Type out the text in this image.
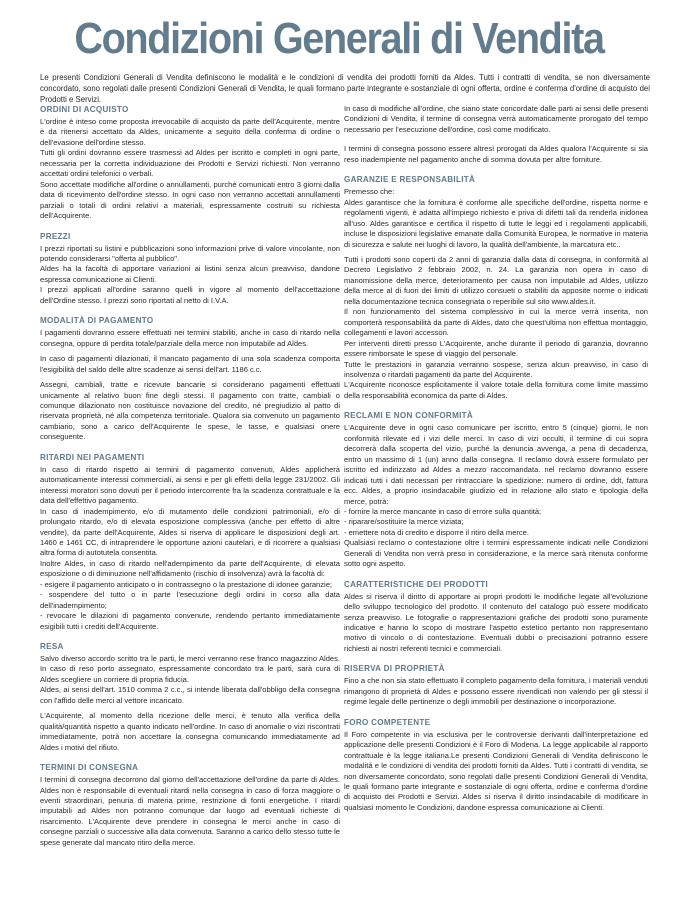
Condizioni Generali di Vendita
Le presenti Condizioni Generali di Vendita definiscono le modalità e le condizioni di vendita dei prodotti forniti da Aldes. Tutti i contratti di vendita, se non diversamente concordato, sono regolati dalle presenti Condizioni Generali di Vendita, le quali formano parte integrante e sostanziale di ogni offerta, ordine e conferma d'ordine di acquisto dei Prodotti e Servizi.
ORDINI DI ACQUISTO

L'ordine è inteso come proposta irrevocabile di acquisto da parte dell'Acquirente, mentre è da ritenersi accettato da Aldes, unicamente a seguito della conferma di ordine o dell'evasione dell'ordine stesso.

Tutti gli ordini dovranno essere trasmessi ad Aldes per iscritto e completi in ogni parte, necessaria per la corretta individuazione dei Prodotti e Servizi richiesti. Non verranno accettati ordini telefonici o verbali.

Sono accettate modifiche all'ordine o annullamenti, purché comunicati entro 3 giorni dalla data di ricevimento dell'ordine stesso. In ogni caso non verranno accettati annullamenti parziali o totali di ordini relativi a materiali, espressamente costruiti su richiesta dell'Acquirente.

PREZZI

I prezzi riportati su listini e pubblicazioni sono informazioni prive di valore vincolante, non potendo considerarsi "offerta al pubblico".

Aldes ha la facoltà di apportare variazioni ai listini senza alcun preavviso, dandone espressa comunicazione ai Clienti.

I prezzi applicati all'ordine saranno quelli in vigore al momento dell'accettazione dell'Ordine stesso. I prezzi sono riportati al netto di I.V.A.

MODALITÀ DI PAGAMENTO

I pagamenti dovranno essere effettuati nei termini stabiliti, anche in caso di ritardo nella consegna, oppure di perdita totale/parziale della merce non imputabile ad Aldes.

In caso di pagamenti dilazionati, il mancato pagamento di una sola scadenza comporta l'esigibilità del saldo delle altre scadenze ai sensi dell'art. 1186 c.c.

Assegni, cambiali, tratte e ricevute bancarie si considerano pagamenti effettuati unicamente al relativo buon fine degli stessi. Il pagamento con tratte, cambiali o comunque dilazionato non costituisce novazione del credito, né pregiudizio al patto di riservata proprietà, né alla competenza territoriale. Qualora sia convenuto un pagamento cambiario, sono a carico dell'Acquirente le spese, le tasse, e qualsiasi onere conseguente.

RITARDI NEI PAGAMENTI

In caso di ritardo rispetto ai termini di pagamento convenuti, Aldes applicherà automaticamente interessi commerciali, ai sensi e per gli effetti della legge 231/2002. Gli interessi moratori sono dovuti per il periodo intercorrente fra la scadenza contrattuale e la data dell'effettivo pagamento.

In caso di inadempimento, e/o di mutamento delle condizioni patrimoniali, e/o di prolungato ritardo, e/o di elevata esposizione complessiva (anche per effetto di altre vendite), da parte dell'Acquirente, Aldes si riserva di applicare le disposizioni degli art. 1460 e 1461 CC, di intraprendere le opportune azioni cautelari, e di ricorrere a qualsiasi altra forma di autotutela consentita.

Inoltre Aldes, in caso di ritardo nell'adempimento da parte dell'Acquirente, di elevata esposizione o di diminuzione nell'affidamento (rischio di insolvenza) avrà la facoltà di:

- esigere il pagamento anticipato o in contrassegno o la prestazione di idonee garanzie;

- sospendere del tutto o in parte l'esecuzione degli ordini in corso alla data dell'inadempimento;

- revocare le dilazioni di pagamento convenute, rendendo pertanto immediatamente esigibili tutti i crediti dell'Acquirente.

RESA

Salvo diverso accordo scritto tra le parti, le merci verranno rese franco magazzino Aldes. In caso di reso porto assegnato, espressamente concordato tra le parti, sarà cura di Aldes scegliere un corriere di propria fiducia.

Aldes, ai sensi dell'art. 1510 comma 2 c.c., si intende liberata dall'obbligo della consegna con l'affido delle merci al vettore incaricato.

L'Acquirente, al momento della ricezione delle merci, è tenuto alla verifica della qualità/quantità rispetto a quanto indicato nell'ordine. In caso di anomalie o vizi riscontrati immediatamente, potrà non accettare la consegna comunicando immediatamente ad Aldes i motivi del rifiuto.

TERMINI DI CONSEGNA

I termini di consegna decorrono dal giorno dell'accettazione dell'ordine da parte di Aldes. Aldes non è responsabile di eventuali ritardi nella consegna in caso di forza maggiore o eventi straordinari, penuria di materia prime, restrizione di fonti energetiche. I ritardi imputabili ad Aldes non potranno comunque dar luogo ad eventuali richieste di risarcimento. L'Acquirente deve prendere in consegna le merci anche in caso di consegne parziali o successive alla data convenuta. Saranno a carico dello stesso tutte le spese generate dal mancato ritiro della merce.

In caso di modifiche all'ordine, che siano state concordate dalle parti ai sensi delle presenti Condizioni di Vendita, il termine di consegna verrà automaticamente prorogato del tempo necessario per l'esecuzione dell'ordine, così come modificato.

I termini di consegna possono essere altresì prorogati da Aldes qualora l'Acquirente si sia reso inadempiente nel pagamento anche di somma dovuta per altre forniture.

GARANZIE E RESPONSABILITÀ

Premesso che:

Aldes garantisce che la fornitura è conforme alle specifiche dell'ordine, rispetta norme e regolamenti vigenti, è adatta all'impiego richiesto e priva di difetti tali da renderla inidonea all'uso. Aldes garantisce e certifica il rispetto di tutte le leggi ed i regolamenti applicabili, incluse le disposizioni legislative emanate dalla Comunità Europea, le normative in materia di sicurezza e salute nei luoghi di lavoro, la qualità dell'ambiente, la marcatura etc..

Tutti i prodotti sono coperti da 2 anni di garanzia dalla data di consegna, in conformità al Decreto Legislativo 2 febbraio 2002, n. 24. La garanzia non opera in caso di manomissione della merce, deterioramento per causa non imputabile ad Aldes, utilizzo della merce al di fuori dei limiti di utilizzo consueti o stabiliti da apposite norme o indicati nella documentazione tecnica consegnata o reperibile sul sito www.aldes.it.

Il non funzionamento del sistema complessivo in cui la merce verrà inserita, non comporterà responsabilità da parte di Aldes, dato che quest'ultima non effettua montaggio, collegamenti e lavori accessori.

Per interventi diretti presso L'Acquirente, anche durante il periodo di garanzia, dovranno essere rimborsate le spese di viaggio del personale.

Tutte le prestazioni in garanzia verranno sospese, senza alcun preavviso, in caso di insolvenza o ritardati pagamenti da parte del Acquirente.

L'Acquirente riconosce esplicitamente il valore totale della fornitura come limite massimo della responsabilità economica da parte di Aldes.

RECLAMI E NON CONFORMITÀ

L'Acquirente deve in ogni caso comunicare per iscritto, entro 5 (cinque) giorni, le non conformità rilevate ed i vizi delle merci. In caso di vizi occulti, il termine di cui sopra decorrerà dalla scoperta del vizio, purché la denuncia avvenga, a pena di decadenza, entro un massimo di 1 (un) anno dalla consegna. Il reclamo dovrà essere formulato per iscritto ed indirizzato ad Aldes a mezzo raccomandata. nel reclamo dovranno essere indicati tutti i dati necessari per rintracciare la spedizione: numero di ordine, ddt, fattura ecc. Aldes, a proprio insindacabile giudizio ed in relazione allo stato e tipologia della merce, potrà:

- fornire la merce mancante in caso di errore sulla quantità;

- riparare/sostituire la merce viziata;

- emettere nota di credito e disporre il ritiro della merce.

Qualsiasi reclamo o contestazione oltre i termini espressamente indicati nelle Condizioni Generali di Vendita non verrà preso in considerazione, e la merce sarà ritenuta conforme sotto ogni aspetto.

CARATTERISTICHE DEI PRODOTTI

Aldes si riserva il diritto di apportare ai propri prodotti le modifiche legate all'evoluzione dello sviluppo tecnologico del prodotto. Il contenuto del catalogo può essere modificato senza preavviso. Le fotografie o rappresentazioni grafiche dei prodotti sono puramente indicative e hanno lo scopo di mostrare l'aspetto estetico pertanto non rappresentano motivo di vincolo o di contestazione. Eventuali dubbi o precisazioni potranno essere richiesti ai nostri referenti tecnici e commerciali.

RISERVA DI PROPRIETÀ

Fino a che non sia stato effettuato il completo pagamento della fornitura, i materiali venduti rimangono di proprietà di Aldes e possono essere rivendicati non valendo per gli stessi il regime legale delle pertinenze o degli immobili per destinazione o incorporazione.

FORO COMPETENTE

Il Foro competente in via esclusiva per le controversie derivanti dall'interpretazione ed applicazione delle presenti Condizioni è il Foro di Modena. La legge applicabile al rapporto contrattuale è la legge italiana.Le presenti Condizioni Generali di Vendita definiscono le modalità e le condizioni di vendita dei prodotti forniti da Aldes. Tutti i contratti di vendita, se non diversamente concordato, sono regolati dalle presenti Condizioni Generali di Vendita, le quali formano parte integrante e sostanziale di ogni offerta, ordine e conferma d'ordine di acquisto dei Prodotti e Servizi. Aldes si riserva il diritto insindacabile di modificare in qualsiasi momento le Condizioni, dandone espressa comunicazione ai Clienti.
